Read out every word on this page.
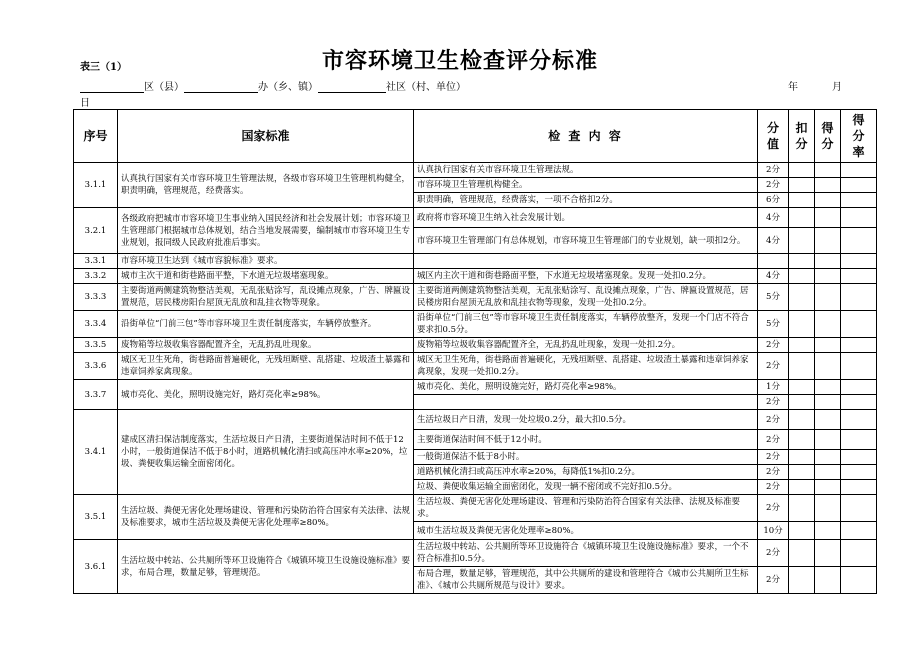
表三（1）	市容环境卫生检查评分标准
区（县）	办（乡、镇）	社区（村、单位）	年	月
日
序号	国家标准	检 查 内 容	分值	扣分	得分	得分率
3.1.1	认真执行国家有关市容环境卫生管理法规，各级市容环境卫生管理机构健全，职责明确，管理规范，经费落实。	认真执行国家有关市容环境卫生管理法规。	2分			
		市容环境卫生管理机构健全。	2分			
		职责明确，管理规范，经费落实，一项不合格扣2分。	6分			
3.2.1	各级政府把城市市容环境卫生事业纳入国民经济和社会发展计划；市容环境卫生管理部门根据城市总体规划，结合当地发展需要，编制城市市容环境卫生专业规划，报同级人民政府批准后事实。	政府将市容环境卫生纳入社会发展计划。	4分			
		市容环境卫生管理部门有总体规划，市容环境卫生管理部门的专业规划，缺一项扣2分。	4分			
3.3.1	市容环境卫生达到《城市容貌标准》要求。					
3.3.2	城市主次干道和街巷路面平整，下水道无垃圾堵塞现象。	城区内主次干道和街巷路面平整，下水道无垃圾堵塞现象。发现一处扣0.2分。	4分			
3.3.3	主要街道两侧建筑物整洁美观，无乱张贴涂写，乱设摊点现象，广告、牌匾设置规范，居民楼房阳台屋顶无乱放和乱挂衣物等现象。	主要街道两侧建筑物整洁美观，无乱张贴涂写、乱设摊点现象，广告、牌匾设置规范，居民楼房阳台屋顶无乱放和乱挂衣物等现象，发现一处扣0.2分。	5分			
3.3.4	沿街单位“门前三包”等市容环境卫生责任制度落实，车辆停放整齐。	沿街单位“门前三包”等市容环境卫生责任制度落实，车辆停放整齐，发现一个门店不符合要求扣0.5分。	5分			
3.3.5	废物箱等垃圾收集容器配置齐全，无乱扔乱吐现象。	废物箱等垃圾收集容器配置齐全，无乱扔乱吐现象，发现一处扣.2分。	2分			
3.3.6	城区无卫生死角，街巷路面普遍硬化，无残垣断壁、乱搭建、垃圾渣土暴露和违章饲养家禽现象。	城区无卫生死角，街巷路面普遍硬化，无残垣断壁、乱搭建、垃圾渣土暴露和违章饲养家禽现象，发现一处扣0.2分。	2分			
3.3.7	城市亮化、美化，照明设施完好，路灯亮化率≥98%。	城市亮化、美化，照明设施完好，路灯亮化率≥98%。	1分			
			2分			
3.4.1	建成区清扫保洁制度落实，生活垃圾日产日清，主要街道保洁时间不低于12小时，一般街道保洁不低于8小时，道路机械化清扫或高压冲水率≥20%，垃圾、粪便收集运输全面密闭化。	生活垃圾日产日清，发现一处垃圾0.2分，最大扣0.5分。	2分			
		主要街道保洁时间不低于12小时。	2分			
		一般街道保洁不低于8小时。	2分			
		道路机械化清扫或高压冲水率≥20%，每降低1%扣0.2分。	2分			
		垃圾、粪便收集运输全面密闭化，发现一辆不密闭或不完好扣0.5分。	2分			
3.5.1	生活垃圾、粪便无害化处理场建设、管理和污染防治符合国家有关法律、法规及标准要求，城市生活垃圾及粪便无害化处理率≥80%。	生活垃圾、粪便无害化处理场建设、管理和污染防治符合国家有关法律、法规及标准要求。	2分			
		城市生活垃圾及粪便无害化处理率≥80%。	10分			
3.6.1	生活垃圾中转站、公共厕所等环卫设施符合《城镇环境卫生设施设施标准》要求，布局合理，数量足够，管理规范。	生活垃圾中转站、公共厕所等环卫设施符合《城镇环境卫生设施设施标准》要求，一个不符合标准扣0.5分。	2分			
		布局合理，数量足够，管理规范，其中公共厕所的建设和管理符合《城市公共厕所卫生标准》、《城市公共厕所规范与设计》要求。	2分			
